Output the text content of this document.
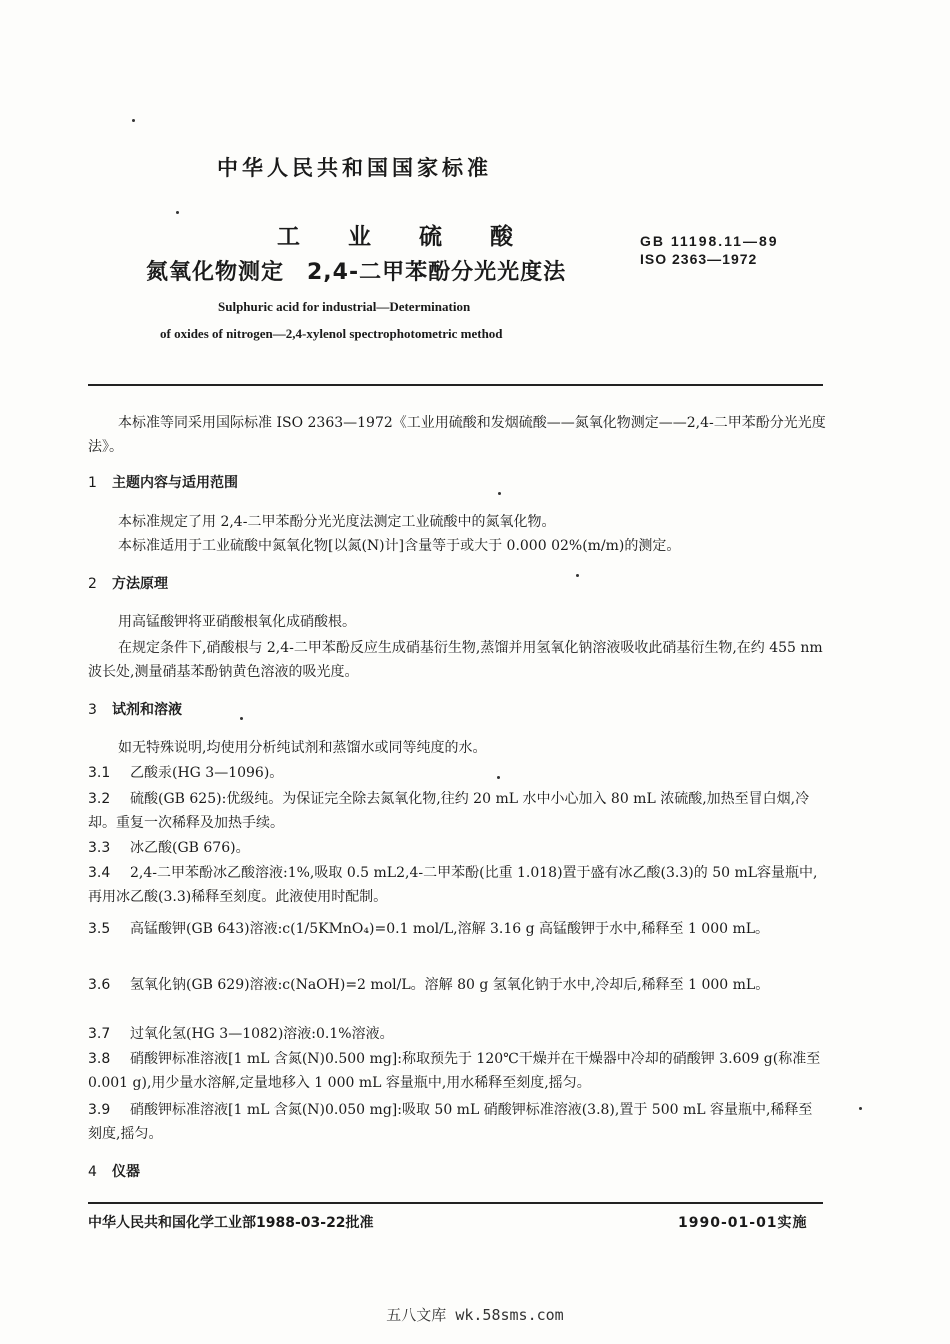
中华人民共和国国家标准
工 业 硫 酸
氮氧化物测定　2,4-二甲苯酚分光光度法
GB 11198.11—89
ISO 2363—1972
Sulphuric acid for industrial—Determination
of oxides of nitrogen—2,4-xylenol spectrophotometric method
本标准等同采用国际标准 ISO 2363—1972《工业用硫酸和发烟硫酸——氮氧化物测定——2,4-二甲苯酚分光光度法》。
1 主题内容与适用范围
本标准规定了用 2,4-二甲苯酚分光光度法测定工业硫酸中的氮氧化物。
本标准适用于工业硫酸中氮氧化物[以氮(N)计]含量等于或大于 0.000 02%(m/m)的测定。
2 方法原理
用高锰酸钾将亚硝酸根氧化成硝酸根。
在规定条件下,硝酸根与 2,4-二甲苯酚反应生成硝基衍生物,蒸馏并用氢氧化钠溶液吸收此硝基衍生物,在约 455 nm 波长处,测量硝基苯酚钠黄色溶液的吸光度。
3 试剂和溶液
如无特殊说明,均使用分析纯试剂和蒸馏水或同等纯度的水。
3.1 乙酸汞(HG 3—1096)。
3.2 硫酸(GB 625):优级纯。为保证完全除去氮氧化物,往约 20 mL 水中小心加入 80 mL 浓硫酸,加热至冒白烟,冷却。重复一次稀释及加热手续。
3.3 冰乙酸(GB 676)。
3.4 2,4-二甲苯酚冰乙酸溶液:1%,吸取 0.5 mL2,4-二甲苯酚(比重 1.018)置于盛有冰乙酸(3.3)的 50 mL容量瓶中,再用冰乙酸(3.3)稀释至刻度。此液使用时配制。
3.5 高锰酸钾(GB 643)溶液:c(1/5KMnO₄)=0.1 mol/L,溶解 3.16 g 高锰酸钾于水中,稀释至 1 000 mL。
3.6 氢氧化钠(GB 629)溶液:c(NaOH)=2 mol/L。溶解 80 g 氢氧化钠于水中,冷却后,稀释至 1 000 mL。
3.7 过氧化氢(HG 3—1082)溶液:0.1%溶液。
3.8 硝酸钾标准溶液[1 mL 含氮(N)0.500 mg]:称取预先于 120℃干燥并在干燥器中冷却的硝酸钾 3.609 g(称准至 0.001 g),用少量水溶解,定量地移入 1 000 mL 容量瓶中,用水稀释至刻度,摇匀。
3.9 硝酸钾标准溶液[1 mL 含氮(N)0.050 mg]:吸取 50 mL 硝酸钾标准溶液(3.8),置于 500 mL 容量瓶中,稀释至刻度,摇匀。
4 仪器
中华人民共和国化学工业部1988-03-22批准	1990-01-01实施
五八文库 wk.58sms.com
